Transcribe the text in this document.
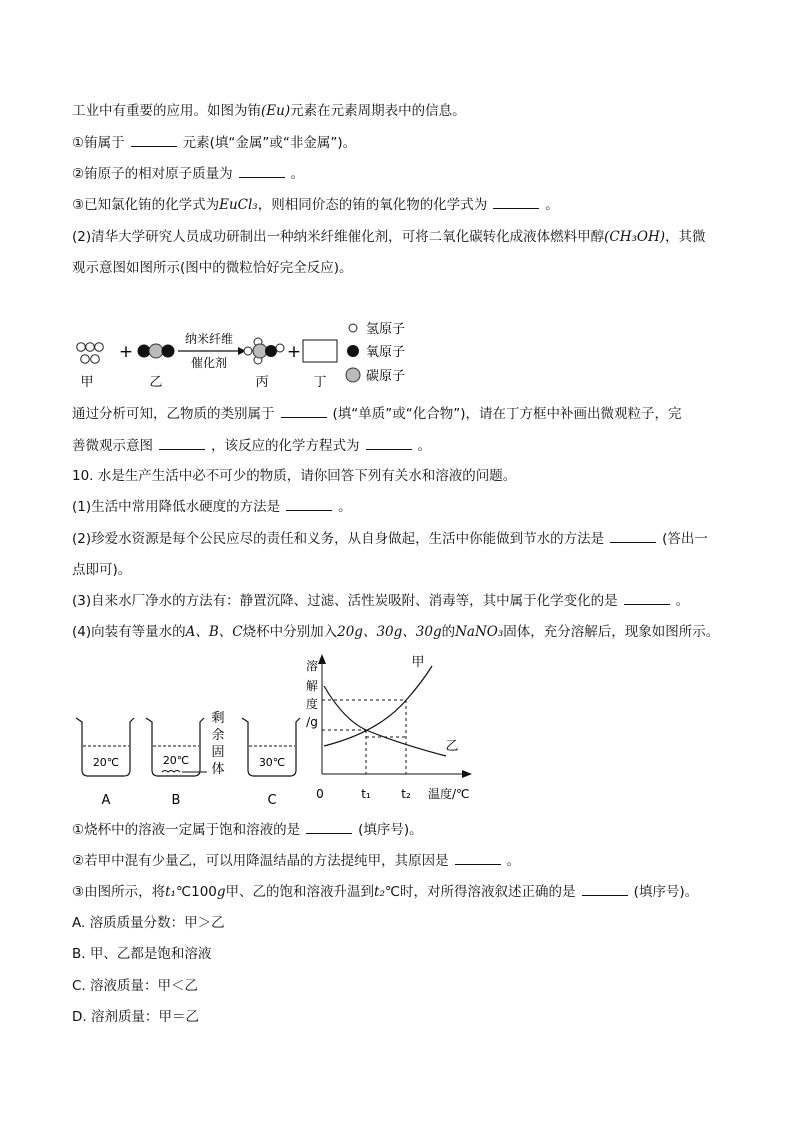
工业中有重要的应用。如图为铕(Eu)元素在元素周期表中的信息。
①铕属于	元素(填“金属”或“非金属”)。
②铕原子的相对原子质量为	。
③已知氯化铕的化学式为EuCl₃，则相同价态的铕的氧化物的化学式为	。
(2)清华大学研究人员成功研制出一种纳米纤维催化剂，可将二氧化碳转化成液体燃料甲醇(CH₃OH)，其微
观示意图如图所示(图中的微粒恰好完全反应)。
甲
+
乙
纳米纤维
催化剂
丙
+
丁
氢原子
氧原子
碳原子
通过分析可知，乙物质的类别属于	(填“单质”或“化合物”)，请在丁方框中补画出微观粒子，完
善微观示意图	，该反应的化学方程式为	。
10. 水是生产生活中必不可少的物质，请你回答下列有关水和溶液的问题。
(1)生活中常用降低水硬度的方法是	。
(2)珍爱水资源是每个公民应尽的责任和义务，从自身做起，生活中你能做到节水的方法是	(答出一
点即可)。
(3)自来水厂净水的方法有：静置沉降、过滤、活性炭吸附、消毒等，其中属于化学变化的是	。
(4)向装有等量水的A、B、C烧杯中分别加入20g、30g、30g的NaNO₃固体，充分溶解后，现象如图所示。
20℃
A
20℃
B
剩
余
固
体	30℃
C
溶
解
度
/g
甲
乙
0	t₁	t₂ 温度/℃
①烧杯中的溶液一定属于饱和溶液的是	(填序号)。
②若甲中混有少量乙，可以用降温结晶的方法提纯甲，其原因是	。
③由图所示，将t₁℃100g甲、乙的饱和溶液升温到t₂℃时，对所得溶液叙述正确的是	(填序号)。
A. 溶质质量分数：甲＞乙
B. 甲、乙都是饱和溶液
C. 溶液质量：甲＜乙
D. 溶剂质量：甲＝乙
